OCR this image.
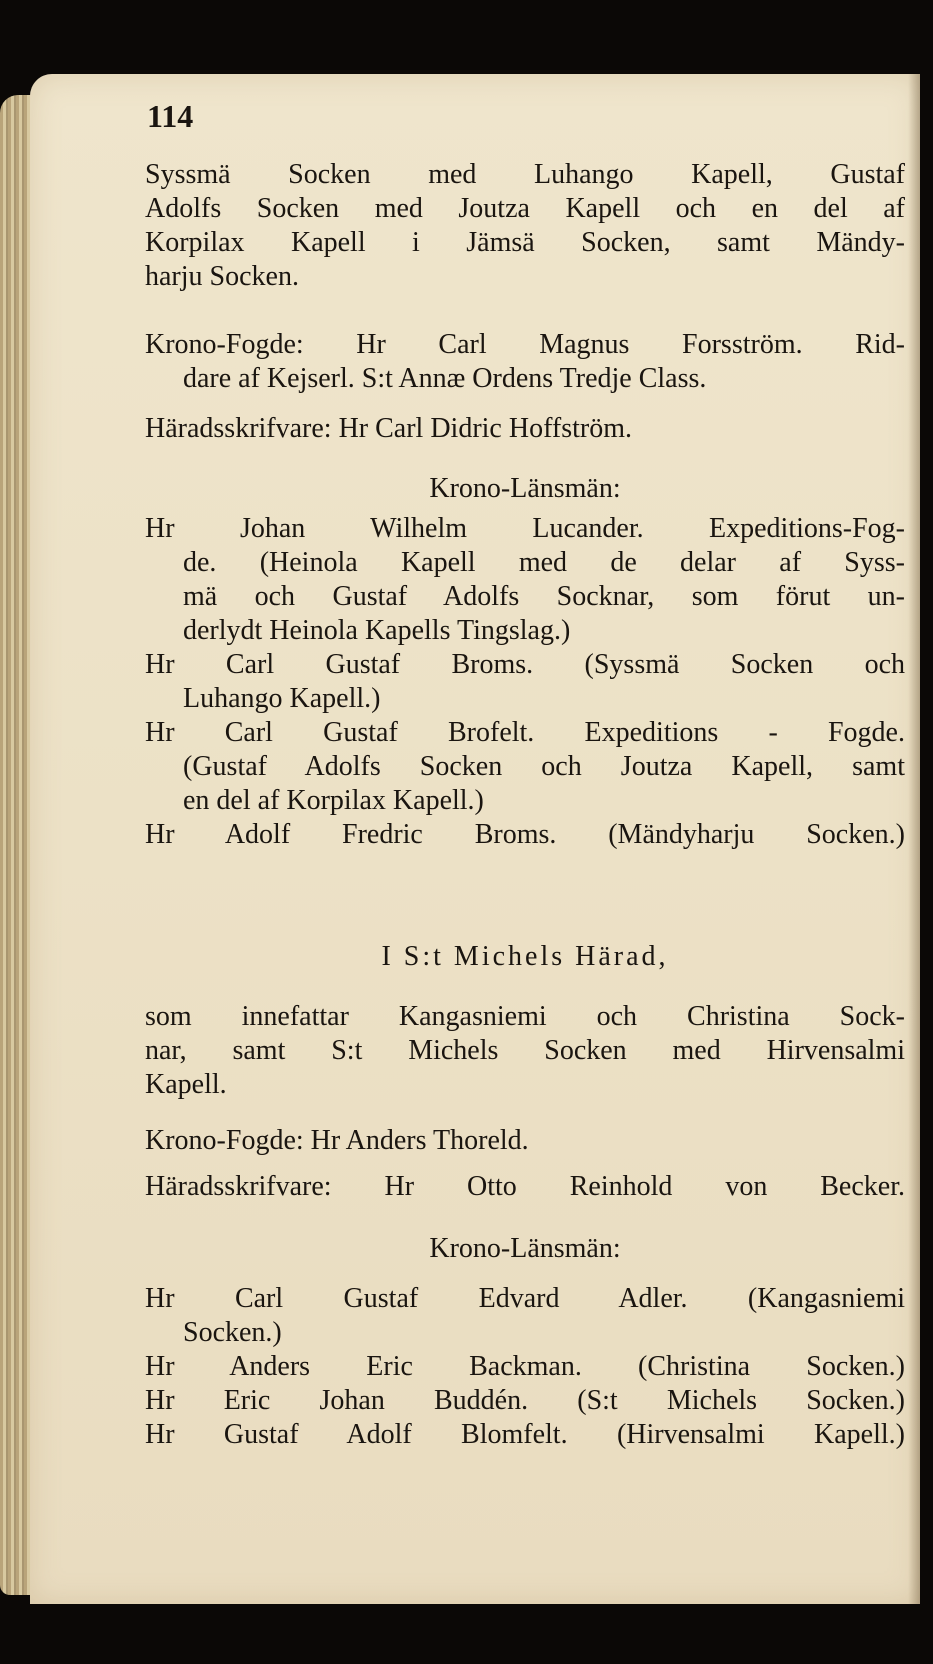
114
Syssmä Socken med Luhango Kapell, Gustaf
Adolfs Socken med Joutza Kapell och en del af
Korpilax Kapell i Jämsä Socken, samt Mändy-
harju Socken.
Krono-Fogde: Hr Carl Magnus Forsström. Rid-
dare af Kejserl. S:t Annæ Ordens Tredje Class.
Häradsskrifvare: Hr Carl Didric Hoffström.
Krono-Länsmän:
Hr Johan Wilhelm Lucander. Expeditions-Fog-
de. (Heinola Kapell med de delar af Syss-
mä och Gustaf Adolfs Socknar, som förut un-
derlydt Heinola Kapells Tingslag.)
Hr Carl Gustaf Broms. (Syssmä Socken och
Luhango Kapell.)
Hr Carl Gustaf Brofelt. Expeditions - Fogde.
(Gustaf Adolfs Socken och Joutza Kapell, samt
en del af Korpilax Kapell.)
Hr Adolf Fredric Broms. (Mändyharju Socken.)
I S:t Michels Härad,
som innefattar Kangasniemi och Christina Sock-
nar, samt S:t Michels Socken med Hirvensalmi
Kapell.
Krono-Fogde: Hr Anders Thoreld.
Häradsskrifvare: Hr Otto Reinhold von Becker.
Krono-Länsmän:
Hr Carl Gustaf Edvard Adler. (Kangasniemi
Socken.)
Hr Anders Eric Backman. (Christina Socken.)
Hr Eric Johan Buddén. (S:t Michels Socken.)
Hr Gustaf Adolf Blomfelt. (Hirvensalmi Kapell.)
